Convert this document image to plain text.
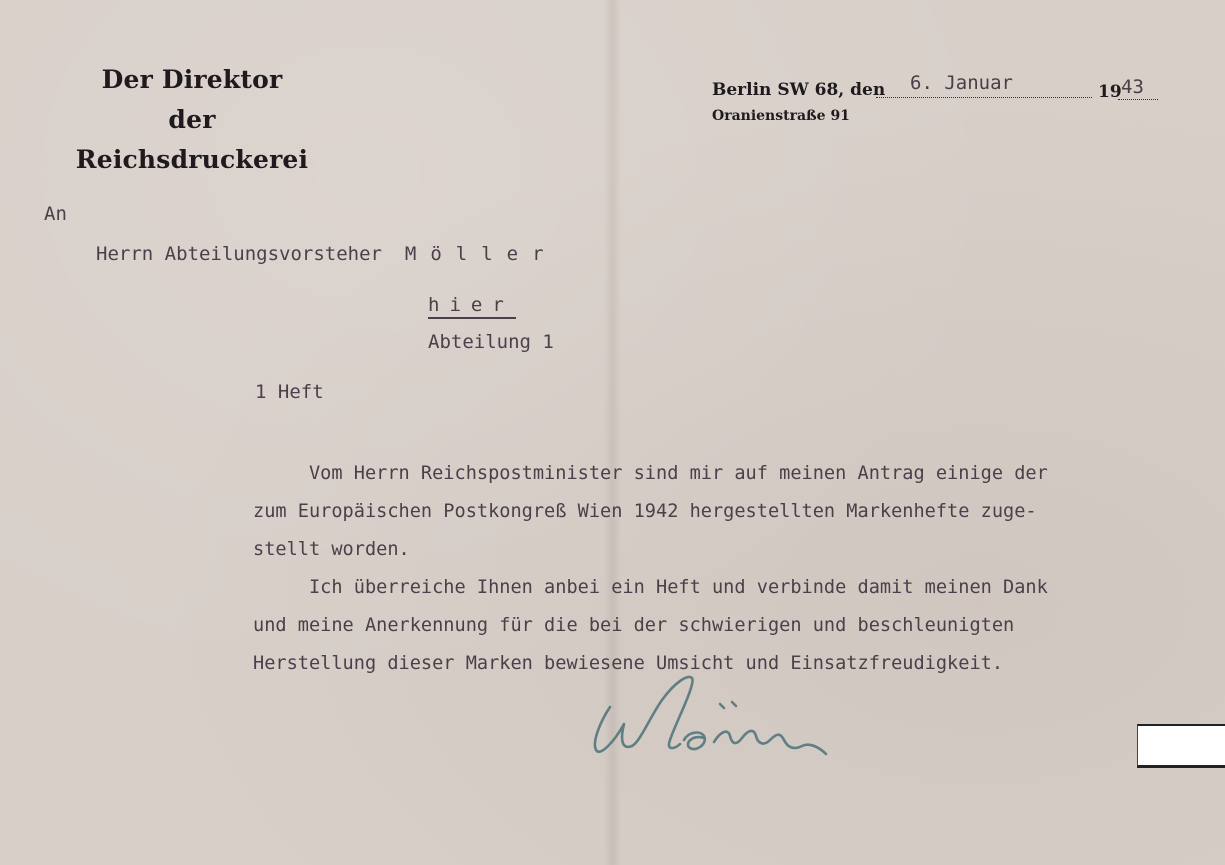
Der Direktor
der Reichsdruckerei
Berlin SW 68, den 6. Januar	19 43
Oranienstraße 91
An
Herrn Abteilungsvorsteher Möller
hier
Abteilung 1
1 Heft
Vom Herrn Reichspostminister sind mir auf meinen Antrag einige der
zum Europäischen Postkongreß Wien 1942 hergestellten Markenhefte zuge-
stellt worden.
Ich überreiche Ihnen anbei ein Heft und verbinde damit meinen Dank
und meine Anerkennung für die bei der schwierigen und beschleunigten
Herstellung dieser Marken bewiesene Umsicht und Einsatzfreudigkeit.
